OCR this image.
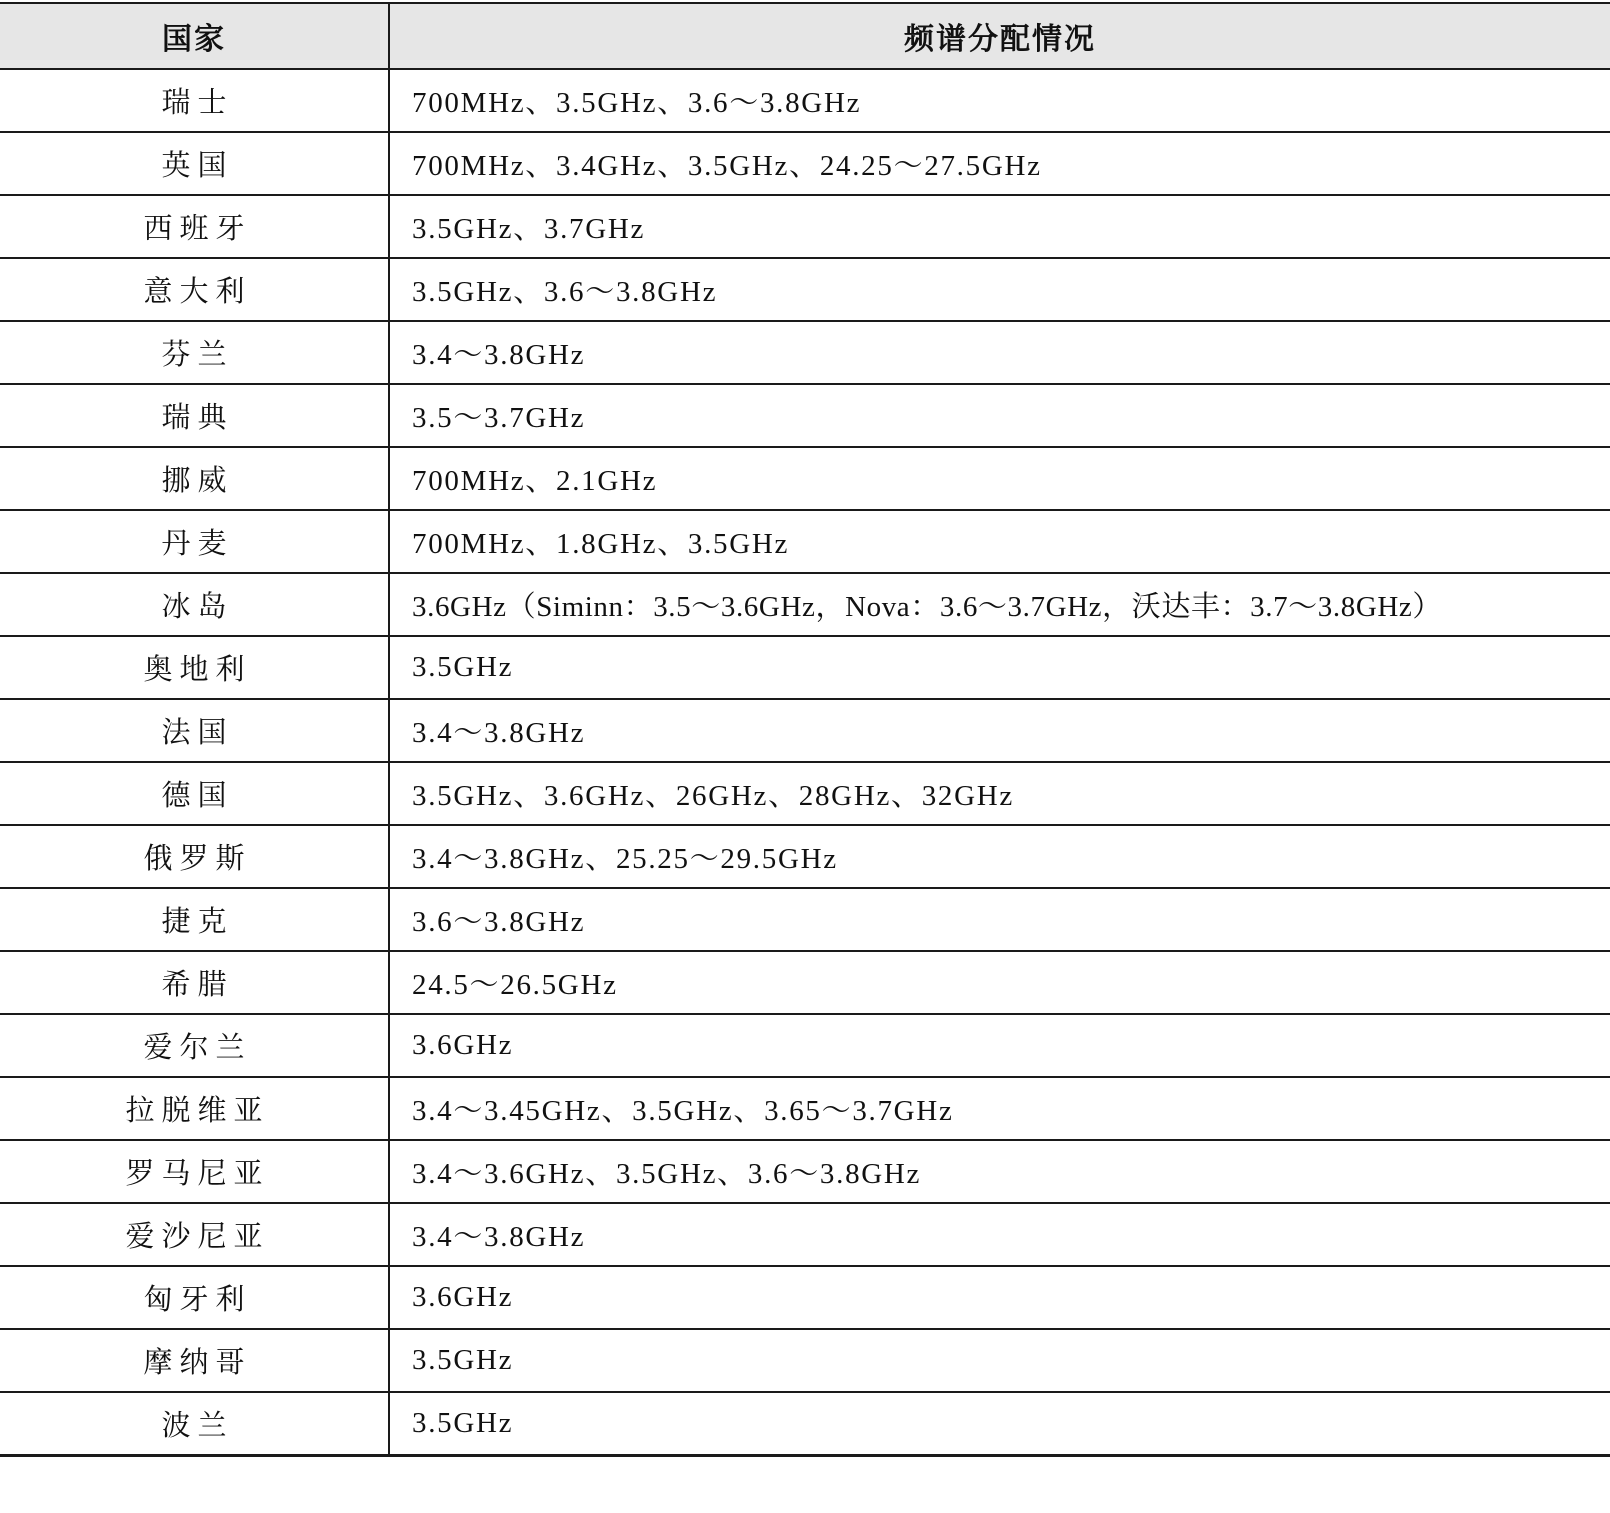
国家	频谱分配情况
瑞士	700MHz、3.5GHz、3.6～3.8GHz
英国	700MHz、3.4GHz、3.5GHz、24.25～27.5GHz
西班牙	3.5GHz、3.7GHz
意大利	3.5GHz、3.6～3.8GHz
芬兰	3.4～3.8GHz
瑞典	3.5～3.7GHz
挪威	700MHz、2.1GHz
丹麦	700MHz、1.8GHz、3.5GHz
冰岛	3.6GHz（Siminn：3.5～3.6GHz，Nova：3.6～3.7GHz，沃达丰：3.7～3.8GHz）
奥地利	3.5GHz
法国	3.4～3.8GHz
德国	3.5GHz、3.6GHz、26GHz、28GHz、32GHz
俄罗斯	3.4～3.8GHz、25.25～29.5GHz
捷克	3.6～3.8GHz
希腊	24.5～26.5GHz
爱尔兰	3.6GHz
拉脱维亚	3.4～3.45GHz、3.5GHz、3.65～3.7GHz
罗马尼亚	3.4～3.6GHz、3.5GHz、3.6～3.8GHz
爱沙尼亚	3.4～3.8GHz
匈牙利	3.6GHz
摩纳哥	3.5GHz
波兰	3.5GHz
